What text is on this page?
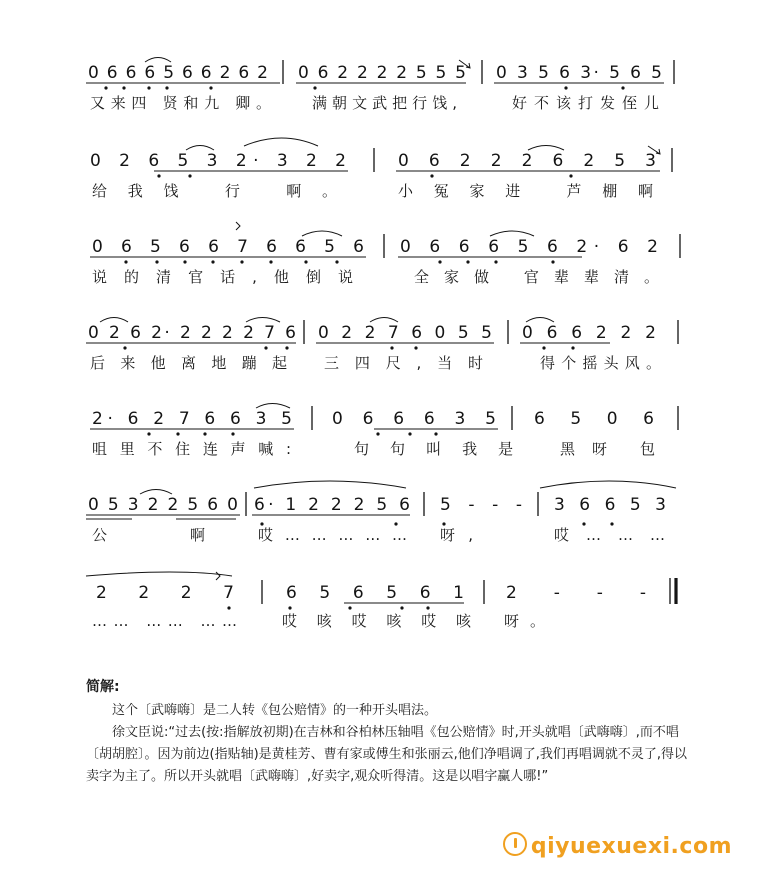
0 6 6 6 5 6 6 2 6 2 0 6 2 2 2 2 5 5 5 0 3 5 6 3· 5 6 5
又来四 贤和九 卿。	满朝文武把行饯,	好不该打发侄儿
0 2 6 5 3 2· 3 2 2	0 6 2 2 2 6 2 5 3
给我饯 行 啊。	小冤家进 芦棚啊
0 6 5 6 6 7 6 6 5 6 0 6 6 6 5 6 2· 6 2
说的清官话,他倒说	全家做 官辈辈清。
0 2 6 2· 2 2 2 2 7 6 0 2 2 7 6 0 5 5 0 6 6 2 2 2
后来他离地蹦起 三四尺,当时	得个摇头风。
2· 6 2 7 6 6 3 5 0 6 6 6 3 5 6 5 0 6
咀里不住连声喊:	句句叫我是 黑 呀 包
0 5 3 2 2 5 6 0 6· 1 2 2 2 5 6 5 - - - 3 6 6 5 3
公 啊	哎…………… 呀,	哎………
2 2 2 7	6 5 6 5 6 1 2 - - -
…… …… ……	哎 咳 哎 咳 哎 咳 呀。
简解:

这个〔武嗨嗨〕是二人转《包公赔情》的一种开头唱法。

徐文臣说:“过去(按:指解放初期)在吉林和谷柏林压轴唱《包公赔情》时,开头就唱〔武嗨嗨〕,而不唱〔胡胡腔〕。因为前边(指贴轴)是黄桂芳、曹有家或傅生和张丽云,他们净唱调了,我们再唱调就不灵了,得以卖字为主了。所以开头就唱〔武嗨嗨〕,好卖字,观众听得清。这是以唱字赢人哪!”

qiyuexuexi.com
